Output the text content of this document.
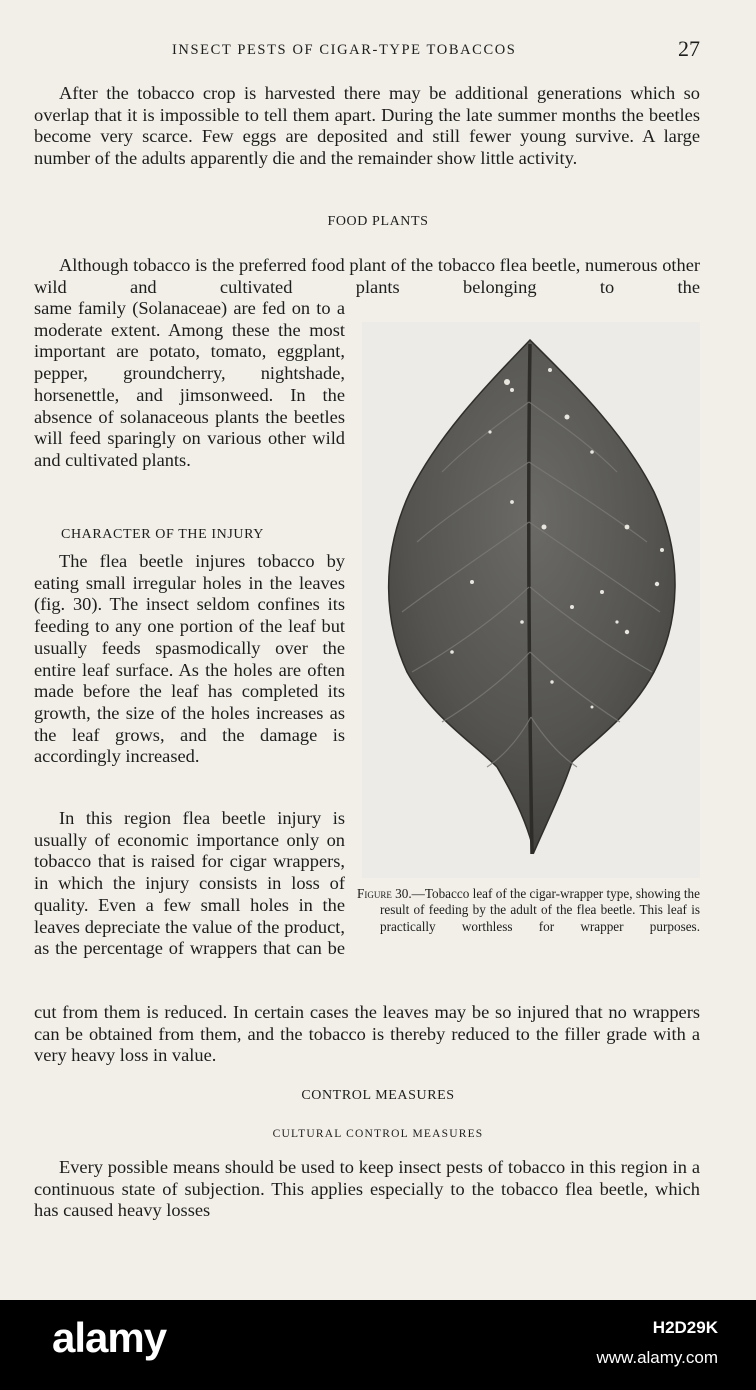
INSECT PESTS OF CIGAR-TYPE TOBACCOS	27

After the tobacco crop is harvested there may be additional generations which so overlap that it is impossible to tell them apart. During the late summer months the beetles become very scarce. Few eggs are deposited and still fewer young survive. A large number of the adults apparently die and the remainder show little activity.

FOOD PLANTS

Although tobacco is the preferred food plant of the tobacco flea beetle, numerous other wild and cultivated plants belonging to the

same family (Solanaceae) are fed on to a moderate extent. Among these the most important are potato, tomato, eggplant, pepper, groundcherry, nightshade, horsenettle, and jimsonweed. In the absence of solanaceous plants the beetles will feed sparingly on various other wild and cultivated plants.

CHARACTER OF THE INJURY

The flea beetle injures tobacco by eating small irregular holes in the leaves (fig. 30). The insect seldom confines its feeding to any one portion of the leaf but usually feeds spasmodically over the entire leaf surface. As the holes are often made before the leaf has completed its growth, the size of the holes increases as the leaf grows, and the damage is accordingly increased.

In this region flea beetle injury is usually of economic importance only on tobacco that is raised for cigar wrappers, in which the injury consists in loss of quality. Even a few small holes in the leaves depreciate the value of the product, as the percentage of wrappers that can be

cut from them is reduced. In certain cases the leaves may be so injured that no wrappers can be obtained from them, and the tobacco is thereby reduced to the filler grade with a very heavy loss in value.

CONTROL MEASURES
CULTURAL CONTROL MEASURES

Every possible means should be used to keep insect pests of tobacco in this region in a continuous state of subjection. This applies especially to the tobacco flea beetle, which has caused heavy losses

Figure 30.—Tobacco leaf of the cigar-wrapper type, showing the result of feeding by the adult of the flea beetle. This leaf is practically worthless for wrapper purposes.
alamy	H2D29K
www.alamy.com
